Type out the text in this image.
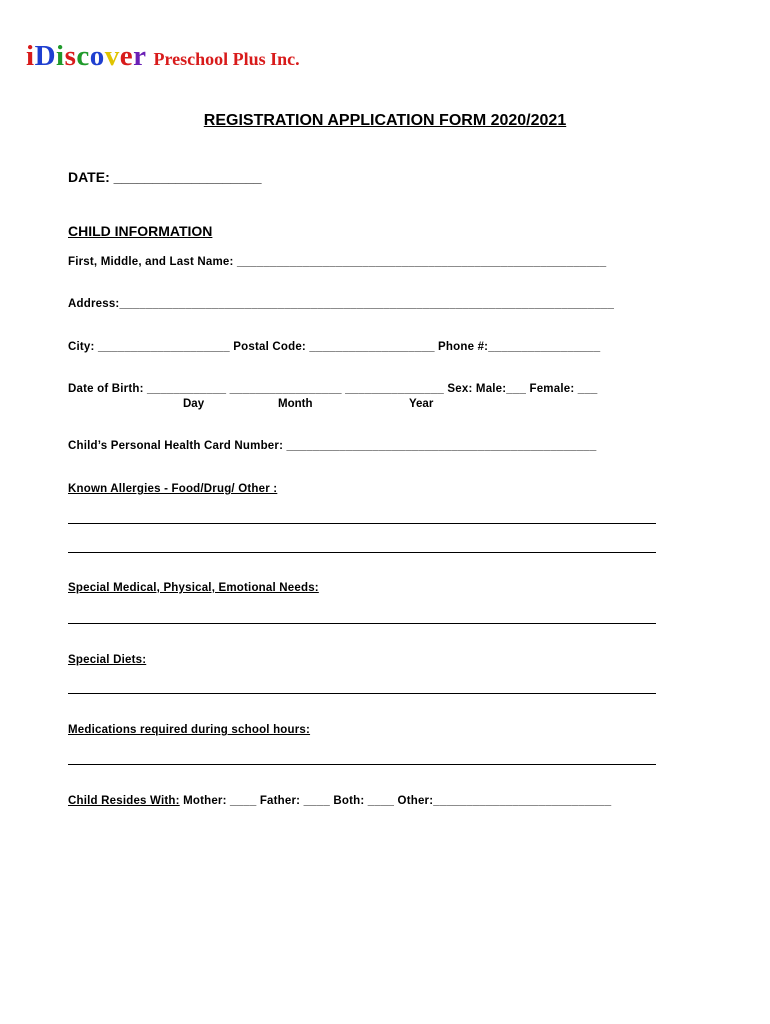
iDiscover Preschool Plus Inc.
REGISTRATION APPLICATION FORM 2020/2021
DATE: ___________________
CHILD INFORMATION
First, Middle, and Last Name: ________________________________________________________
Address:___________________________________________________________________________
City: ____________________ Postal Code: ___________________ Phone #:_________________
Date of Birth: ____________ _________________ _______________ Sex: Male:___ Female: ___
Day	Month	Year
Child’s Personal Health Card Number: _______________________________________________
Known Allergies - Food/Drug/ Other :
Special Medical, Physical, Emotional Needs:
Special Diets:
Medications required during school hours:
Child Resides With: Mother: ____ Father: ____ Both: ____ Other:___________________________
